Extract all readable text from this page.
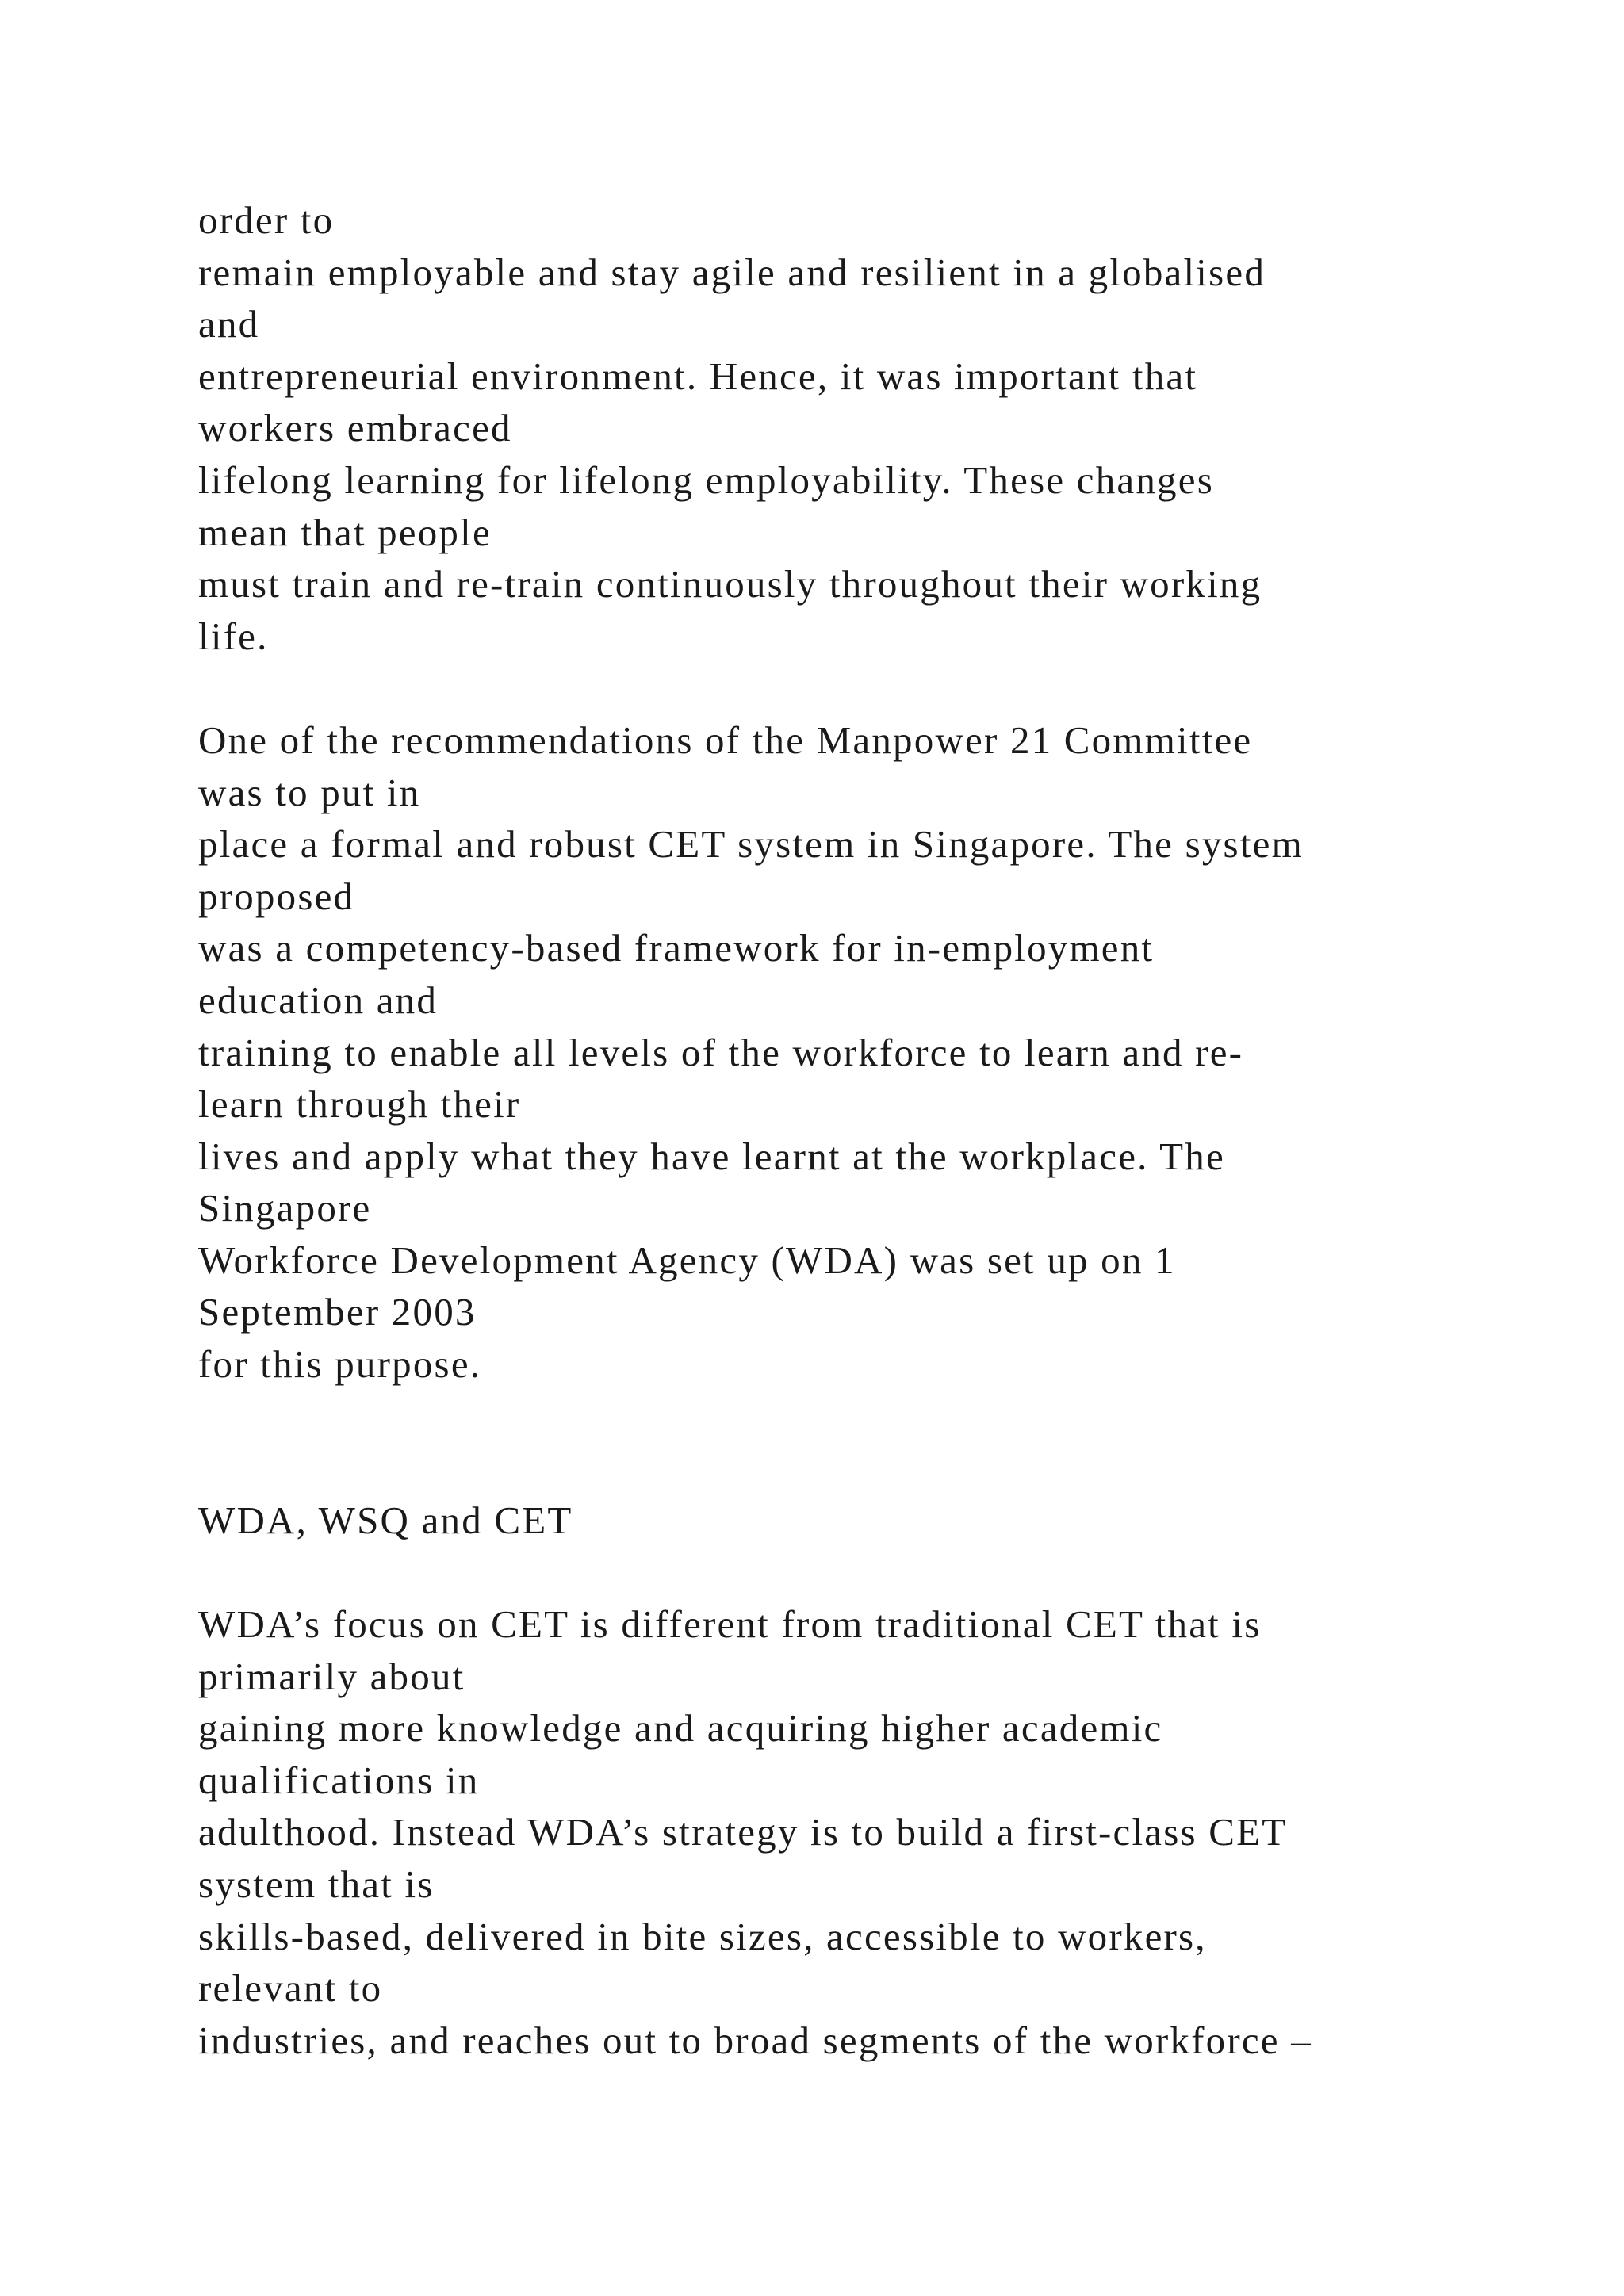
order to
remain employable and stay agile and resilient in a globalised
and
entrepreneurial environment. Hence, it was important that
workers embraced
lifelong learning for lifelong employability. These changes
mean that people
must train and re-train continuously throughout their working
life.
One of the recommendations of the Manpower 21 Committee
was to put in
place a formal and robust CET system in Singapore. The system
proposed
was a competency-based framework for in-employment
education and
training to enable all levels of the workforce to learn and re-
learn through their
lives and apply what they have learnt at the workplace. The
Singapore
Workforce Development Agency (WDA) was set up on 1
September 2003
for this purpose.
WDA, WSQ and CET
WDA’s focus on CET is different from traditional CET that is
primarily about
gaining more knowledge and acquiring higher academic
qualifications in
adulthood. Instead WDA’s strategy is to build a first-class CET
system that is
skills-based, delivered in bite sizes, accessible to workers,
relevant to
industries, and reaches out to broad segments of the workforce –
